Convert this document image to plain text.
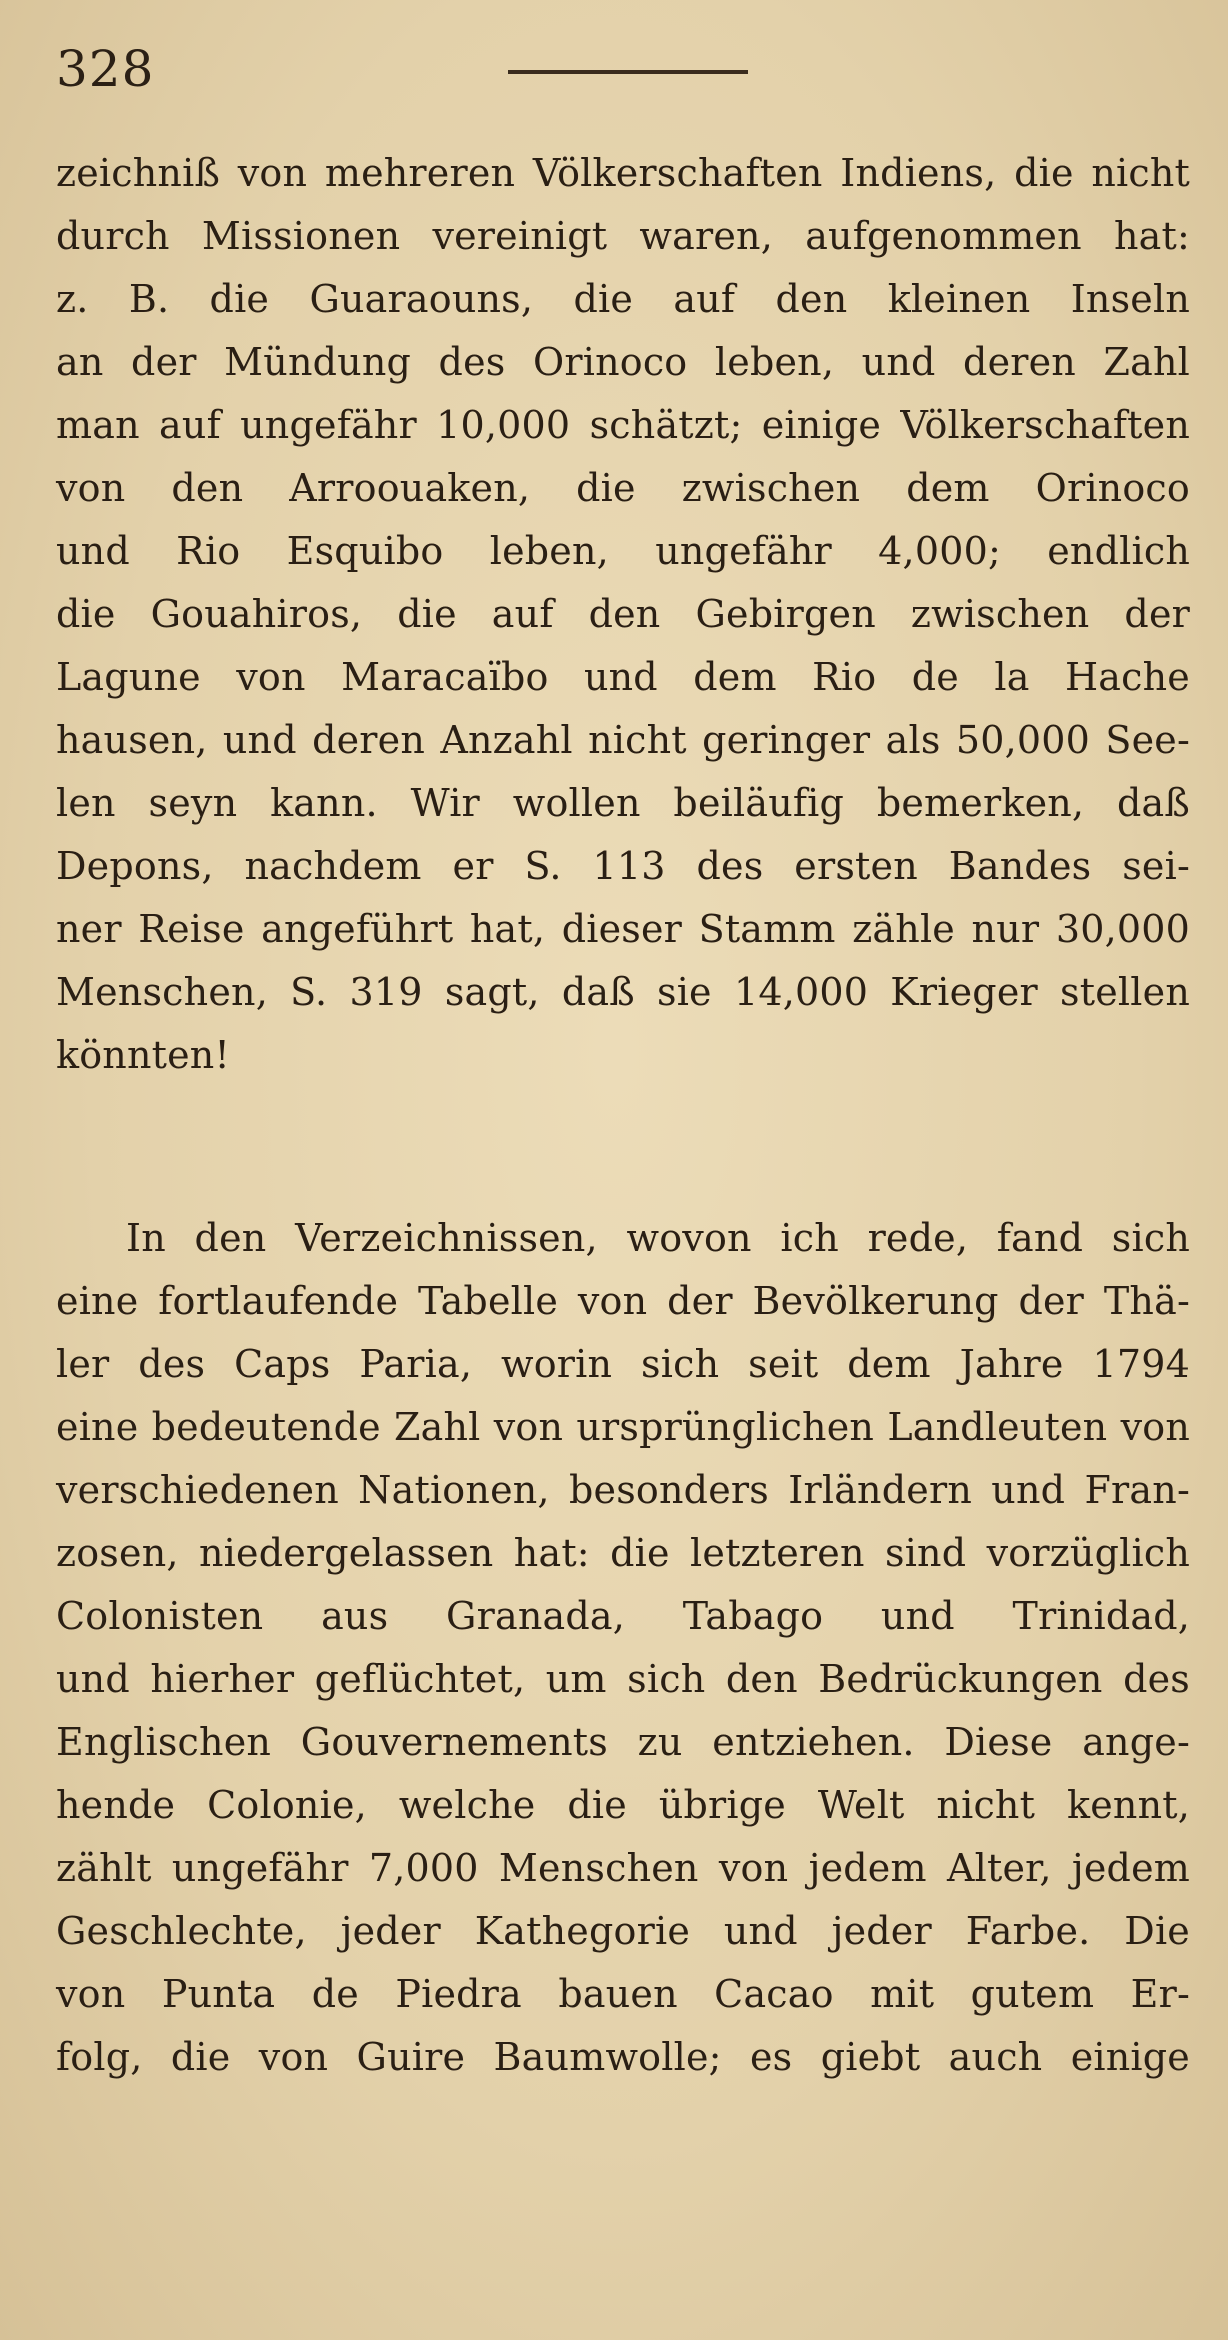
328
zeichniß von mehreren Völkerschaften Indiens, die nicht
durch Missionen vereinigt waren, aufgenommen hat:
z. B. die Guaraouns, die auf den kleinen Inseln
an der Mündung des Orinoco leben, und deren Zahl
man auf ungefähr 10,000 schätzt; einige Völkerschaften
von den Arroouaken, die zwischen dem Orinoco
und Rio Esquibo leben, ungefähr 4,000; endlich
die Gouahiros, die auf den Gebirgen zwischen der
Lagune von Maracaïbo und dem Rio de la Hache
hausen, und deren Anzahl nicht geringer als 50,000 See-
len seyn kann. Wir wollen beiläufig bemerken, daß
Depons, nachdem er S. 113 des ersten Bandes sei-
ner Reise angeführt hat, dieser Stamm zähle nur 30,000
Menschen, S. 319 sagt, daß sie 14,000 Krieger stellen
könnten!
In den Verzeichnissen, wovon ich rede, fand sich
eine fortlaufende Tabelle von der Bevölkerung der Thä-
ler des Caps Paria, worin sich seit dem Jahre 1794
eine bedeutende Zahl von ursprünglichen Landleuten von
verschiedenen Nationen, besonders Irländern und Fran-
zosen, niedergelassen hat: die letzteren sind vorzüglich
Colonisten aus Granada, Tabago und Trinidad,
und hierher geflüchtet, um sich den Bedrückungen des
Englischen Gouvernements zu entziehen. Diese ange-
hende Colonie, welche die übrige Welt nicht kennt,
zählt ungefähr 7,000 Menschen von jedem Alter, jedem
Geschlechte, jeder Kathegorie und jeder Farbe. Die
von Punta de Piedra bauen Cacao mit gutem Er-
folg, die von Guire Baumwolle; es giebt auch einige
